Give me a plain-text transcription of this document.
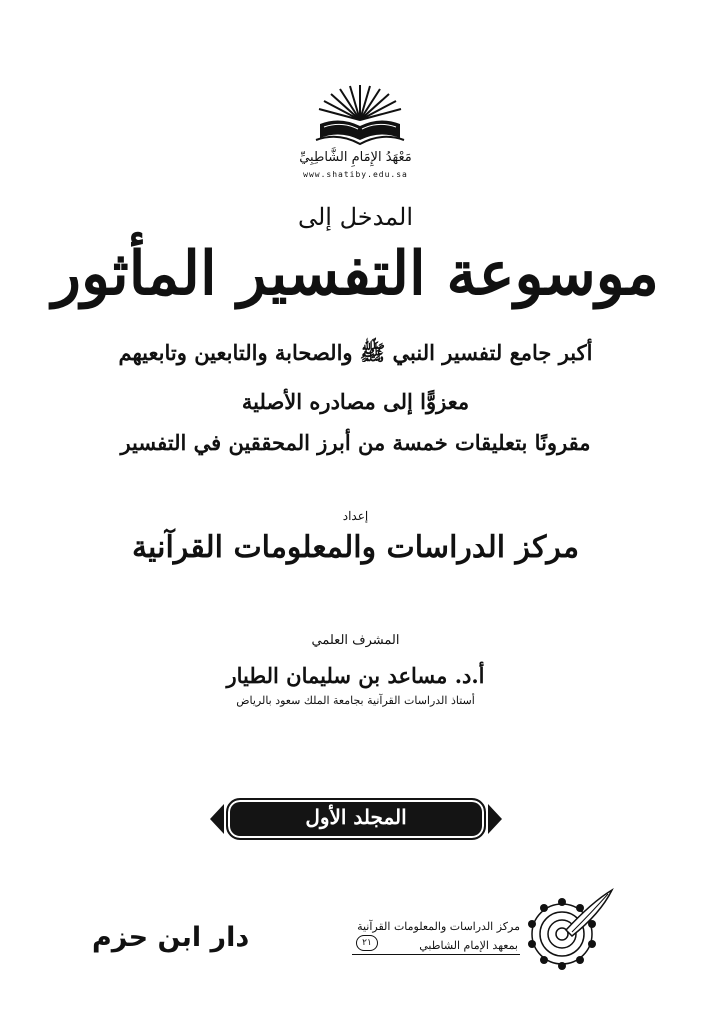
مَعْهَدُ الإِمَامِ الشَّاطِبِيِّ
www.shatiby.edu.sa
المدخل إلى
موسوعة التفسير المأثور
أكبر جامع لتفسير النبي ﷺ والصحابة والتابعين وتابعيهم
معزوًّا إلى مصادره الأصلية
مقرونًا بتعليقات خمسة من أبرز المحققين في التفسير
إعداد
مركز الدراسات والمعلومات القرآنية
المشرف العلمي
أ.د. مساعد بن سليمان الطيار
أستاذ الدراسات القرآنية بجامعة الملك سعود بالرياض
المجلد الأول
دار ابن حزم	مركز الدراسات والمعلومات القرآنية
٢١	بمعهد الإمام الشاطبي
